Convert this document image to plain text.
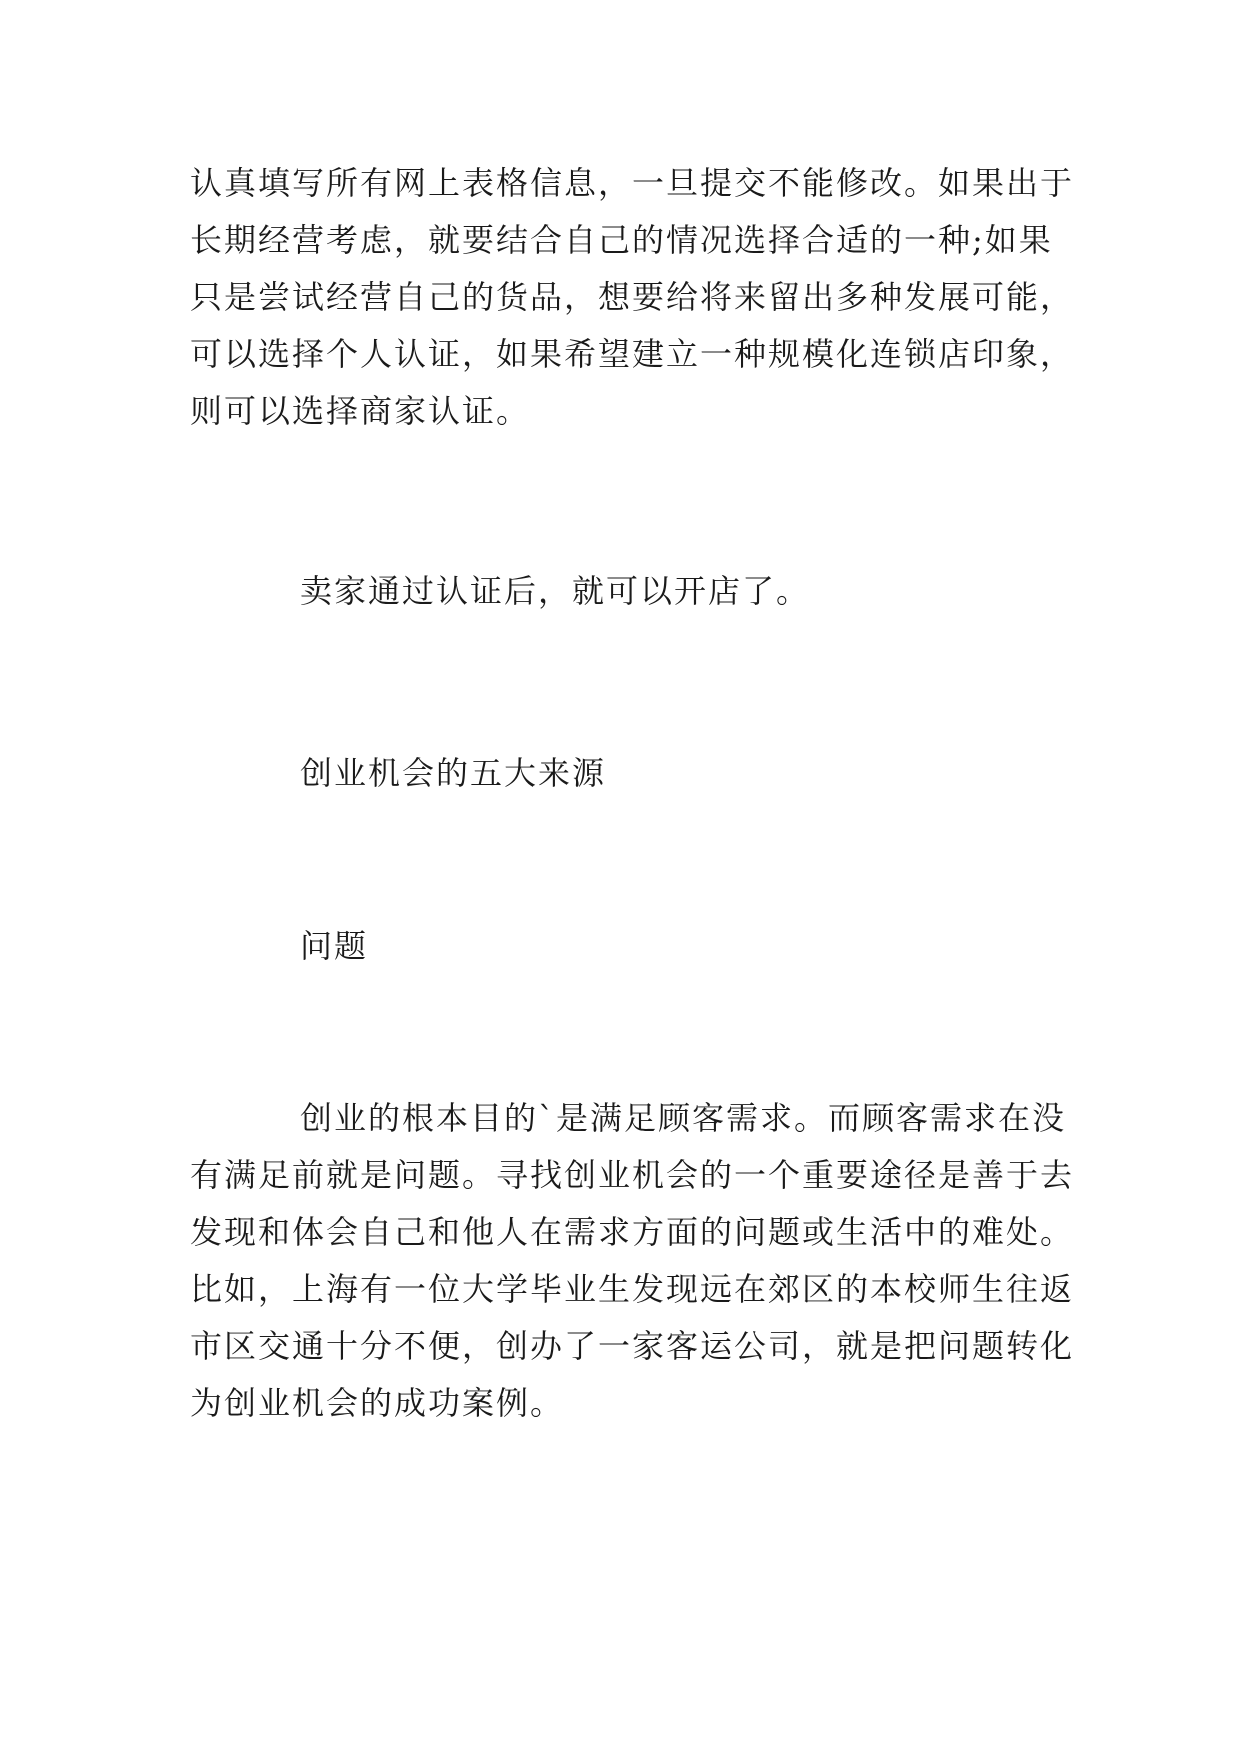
认真填写所有网上表格信息，一旦提交不能修改。如果出于
长期经营考虑，就要结合自己的情况选择合适的一种;如果
只是尝试经营自己的货品，想要给将来留出多种发展可能，
可以选择个人认证，如果希望建立一种规模化连锁店印象，
则可以选择商家认证。

卖家通过认证后，就可以开店了。

创业机会的五大来源

问题

创业的根本目的`是满足顾客需求。而顾客需求在没
有满足前就是问题。寻找创业机会的一个重要途径是善于去
发现和体会自己和他人在需求方面的问题或生活中的难处。
比如，上海有一位大学毕业生发现远在郊区的本校师生往返
市区交通十分不便，创办了一家客运公司，就是把问题转化
为创业机会的成功案例。
